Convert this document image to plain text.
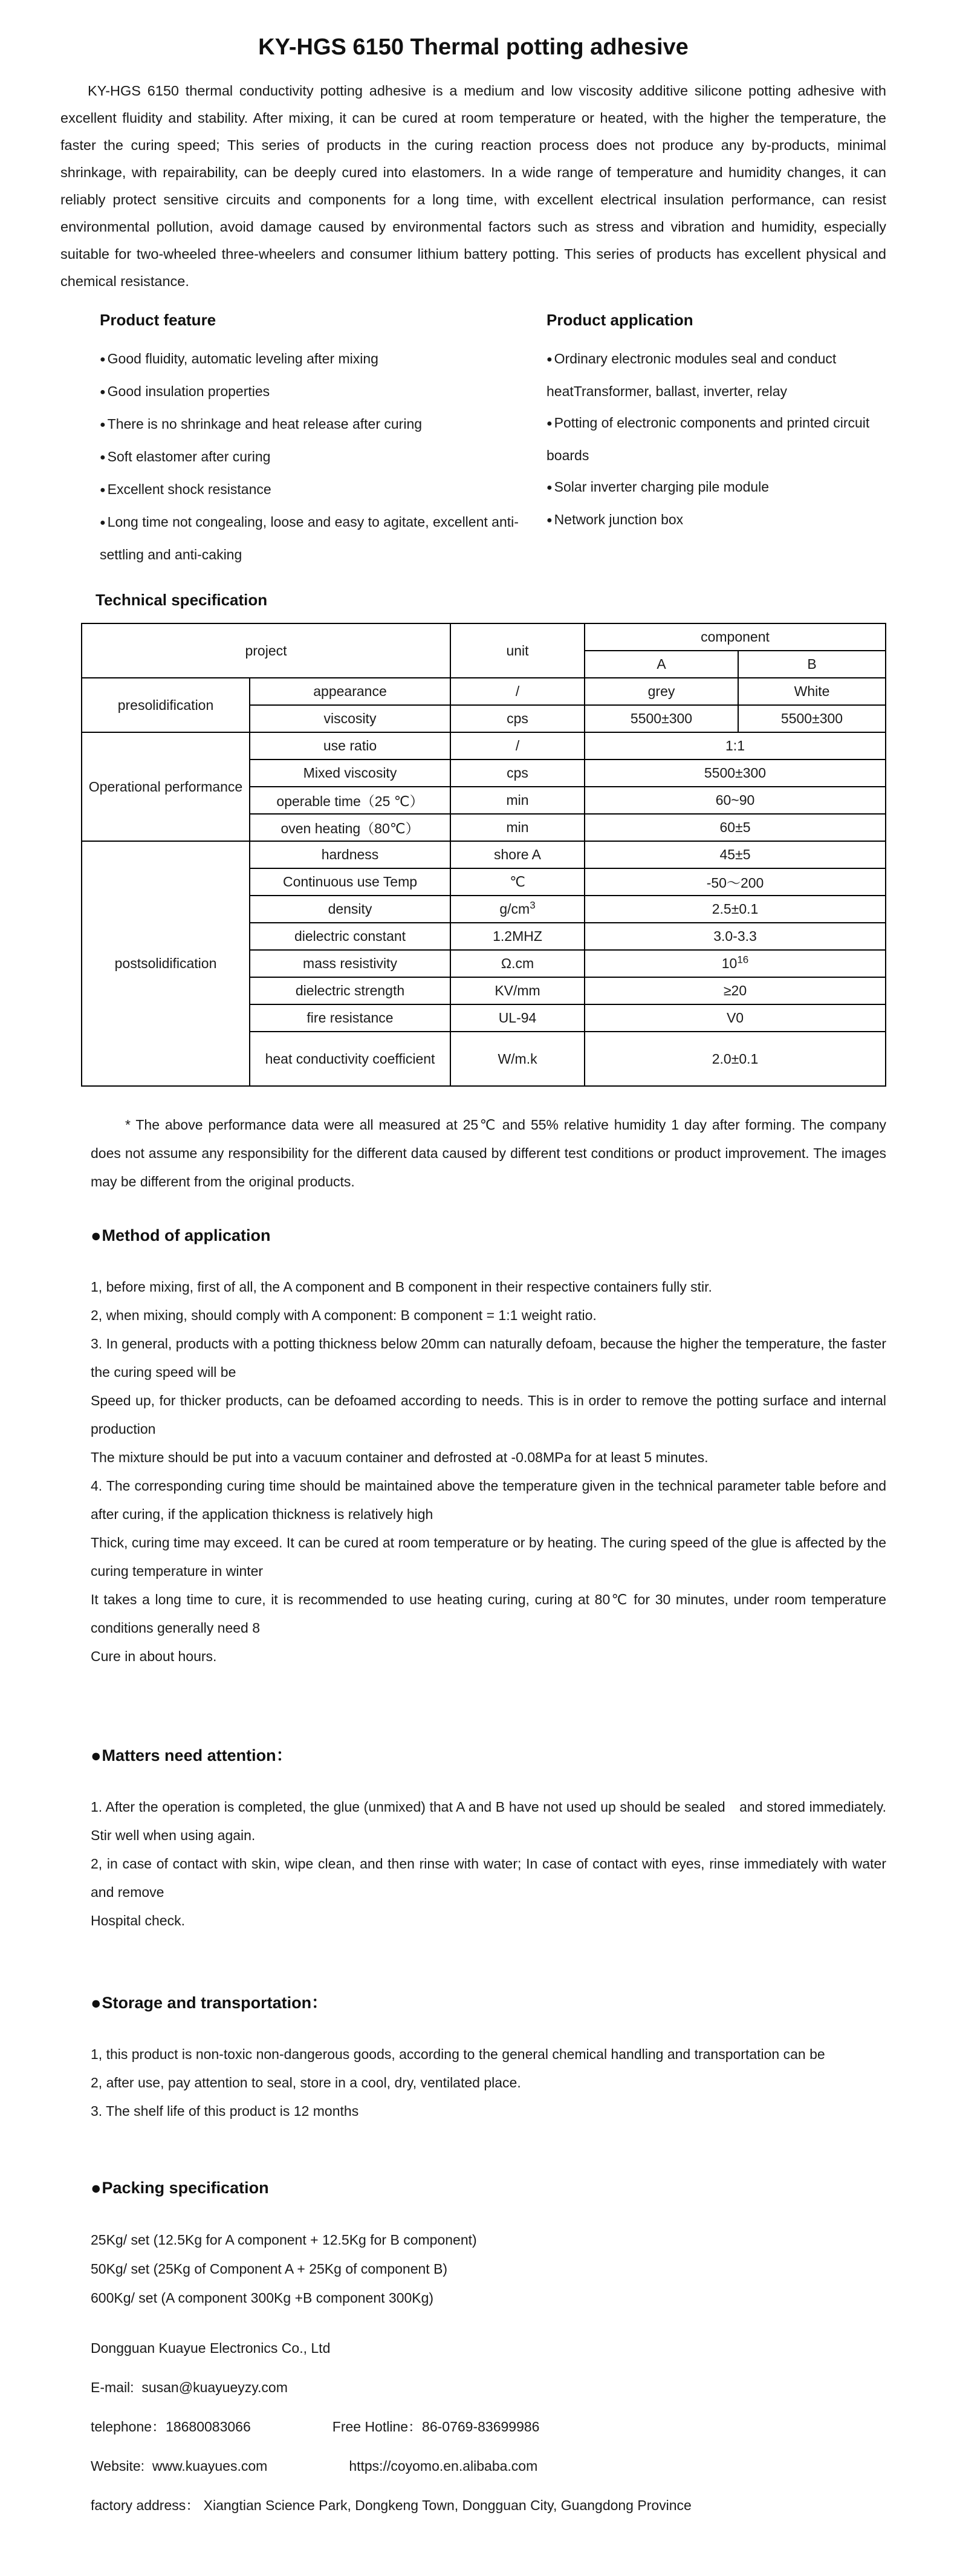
KY-HGS 6150 Thermal potting adhesive

KY-HGS 6150 thermal conductivity potting adhesive is a medium and low viscosity additive silicone potting adhesive with excellent fluidity and stability. After mixing, it can be cured at room temperature or heated, with the higher the temperature, the faster the curing speed; This series of products in the curing reaction process does not produce any by-products, minimal shrinkage, with repairability, can be deeply cured into elastomers. In a wide range of temperature and humidity changes, it can reliably protect sensitive circuits and components for a long time, with excellent electrical insulation performance, can resist environmental pollution, avoid damage caused by environmental factors such as stress and vibration and humidity, especially suitable for two-wheeled three-wheelers and consumer lithium battery potting. This series of products has excellent physical and chemical resistance.

Product feature
● Good fluidity, automatic leveling after mixing
● Good insulation properties
● There is no shrinkage and heat release after curing
● Soft elastomer after curing
● Excellent shock resistance
● Long time not congealing, loose and easy to agitate, excellent anti-settling and anti-caking
Product application
● Ordinary electronic modules seal and conduct heatTransformer, ballast, inverter, relay
● Potting of electronic components and printed circuit boards
● Solar inverter charging pile module
● Network junction box
Technical specification
project		unit	component	
			A	B
presolidification	appearance	/	grey	White
	viscosity	cps	5500±300	5500±300
Operational performance	use ratio	/	1:1	
	Mixed viscosity	cps	5500±300	
	operable time（25 ℃）	min	60~90	
	oven heating（80℃）	min	60±5	
postsolidification	hardness	shore A	45±5	
	Continuous use Temp	℃	-50～200	
	density	$g/cm^3$	2.5±0.1	
	dielectric constant	1.2MHZ	3.0-3.3	
	mass resistivity	Ω.cm	$10^{16}$
	dielectric strength	KV/mm	≥20	
	fire resistance	UL-94	V0	
	heat conductivity coefficient	W/m.k	2.0±0.1	

* The above performance data were all measured at 25℃ and 55% relative humidity 1 day after forming. The company does not assume any responsibility for the different data caused by different test conditions or product improvement. The images may be different from the original products.

●Method of application

1, before mixing, first of all, the A component and B component in their respective containers fully stir.

2, when mixing, should comply with A component: B component = 1:1 weight ratio.

3. In general, products with a potting thickness below 20mm can naturally defoam, because the higher the temperature, the faster the curing speed will be

Speed up, for thicker products, can be defoamed according to needs. This is in order to remove the potting surface and internal production

The mixture should be put into a vacuum container and defrosted at -0.08MPa for at least 5 minutes.

4. The corresponding curing time should be maintained above the temperature given in the technical parameter table before and after curing, if the application thickness is relatively high

Thick, curing time may exceed. It can be cured at room temperature or by heating. The curing speed of the glue is affected by the curing temperature in winter

It takes a long time to cure, it is recommended to use heating curing, curing at 80℃ for 30 minutes, under room temperature conditions generally need 8

Cure in about hours.

●Matters need attention：

1. After the operation is completed, the glue (unmixed) that A and B have not used up should be sealed　and stored immediately. Stir well when using again.

2, in case of contact with skin, wipe clean, and then rinse with water; In case of contact with eyes, rinse immediately with water and remove

Hospital check.

●Storage and transportation：

1, this product is non-toxic non-dangerous goods, according to the general chemical handling and transportation can be

2, after use, pay attention to seal, store in a cool, dry, ventilated place.

3. The shelf life of this product is 12 months

●Packing specification

25Kg/ set (12.5Kg for A component + 12.5Kg for B component)

50Kg/ set (25Kg of Component A + 25Kg of component B)

600Kg/ set (A component 300Kg +B component 300Kg)

Dongguan Kuayue Electronics Co., Ltd

E-mail: susan@kuayueyzy.com

telephone：18680083066	Free Hotline：86-0769-83699986

Website: www.kuayues.com	https://coyomo.en.alibaba.com

factory address： Xiangtian Science Park, Dongkeng Town, Dongguan City, Guangdong Province
